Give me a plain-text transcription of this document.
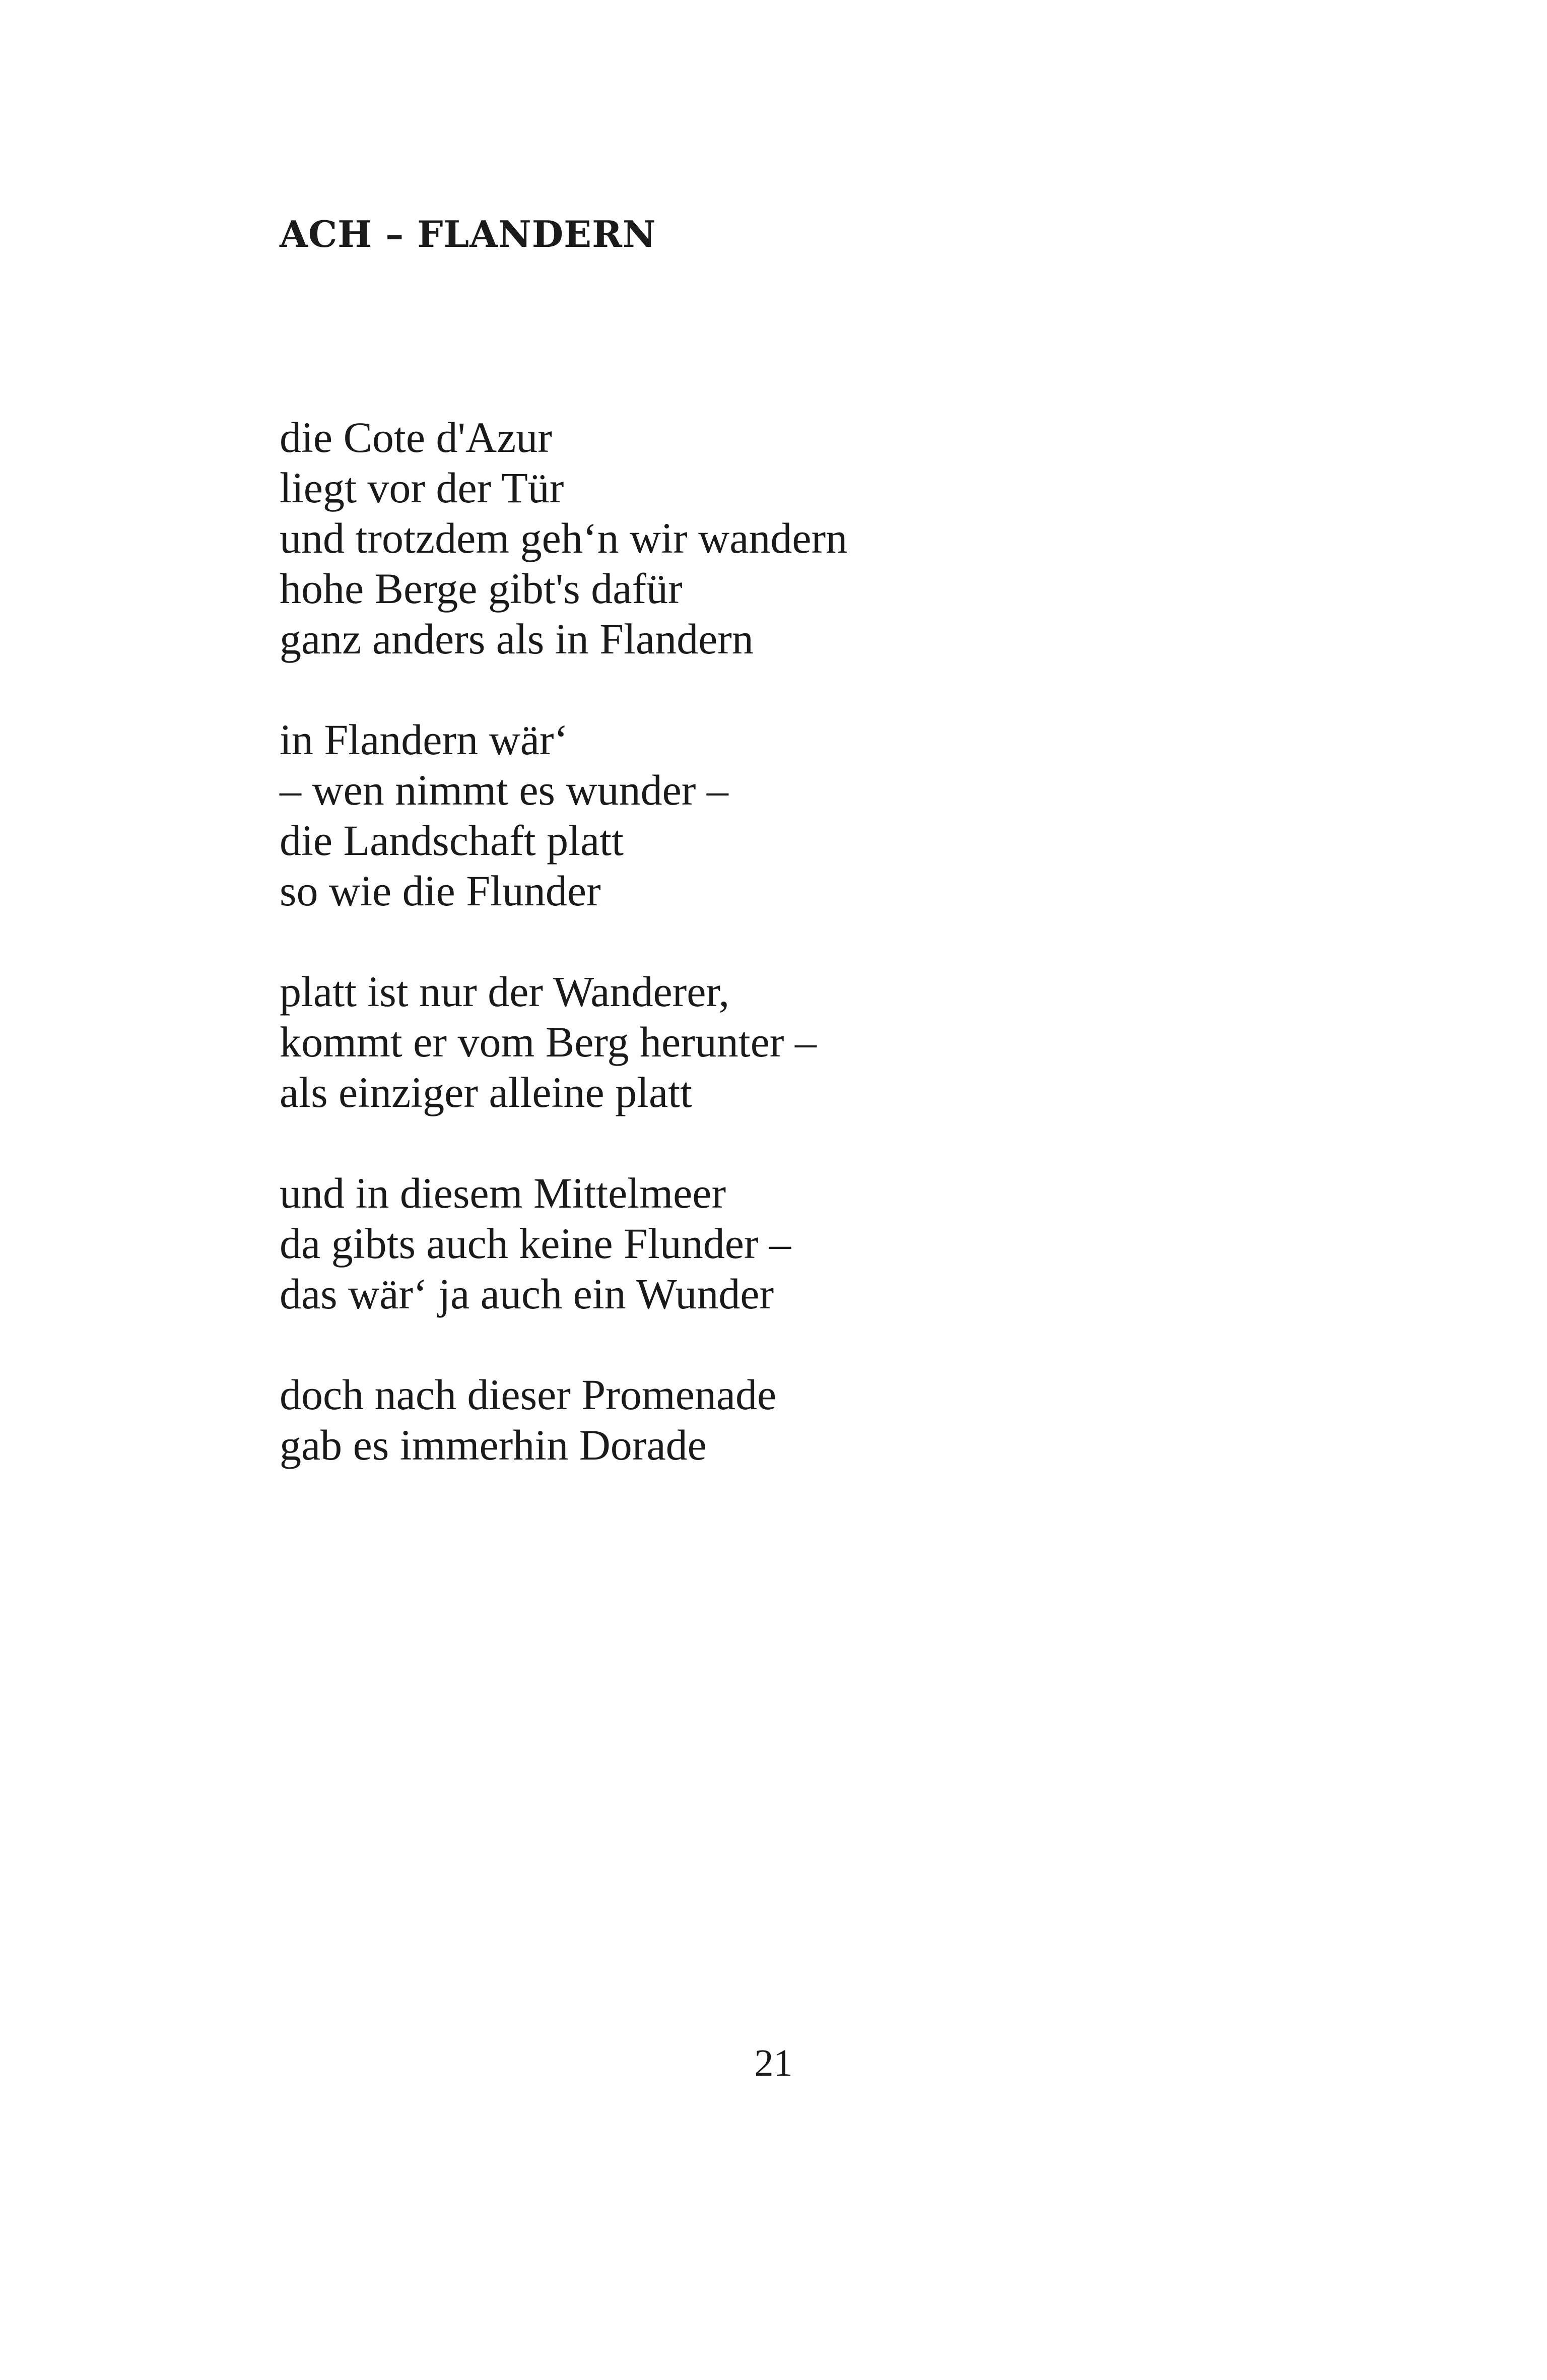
ACH – FLANDERN
die Cote d'Azur
liegt vor der Tür
und trotzdem geh‘n wir wandern
hohe Berge gibt's dafür
ganz anders als in Flandern
in Flandern wär‘
– wen nimmt es wunder –
die Landschaft platt
so wie die Flunder
platt ist nur der Wanderer,
kommt er vom Berg herunter –
als einziger alleine platt
und in diesem Mittelmeer
da gibts auch keine Flunder –
das wär‘ ja auch ein Wunder
doch nach dieser Promenade
gab es immerhin Dorade
21
